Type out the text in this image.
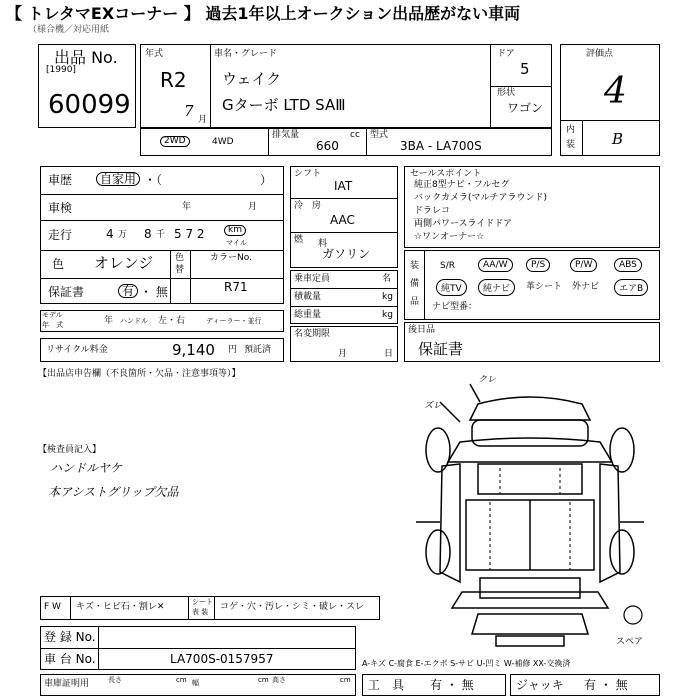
【 トレタマEXコーナー 】 過去1年以上オークション出品歴がない車両
（様合機／対応用紙
出品 No.
[1990]
60099
年式
R2
7 月
車名・グレード
ウェイク
Gターボ LTD SAⅢ
ドア
5
形状
ワゴン
評価点
4
内
装 B
2WD	4WD
排気量	cc
660
型式
3BA - LA700S
車歴	自家用 ・（	）
車検	年	月
走行	4 万 8 千 5 7 2	km
マイル
色 オレンジ 色
替
カラーNo.
R71
保証書	有 ・ 無
モデル
年　式	年 ハンドル 左・右	ディーラー・並行
リサイクル料金	9,140 円 預託済
シフト
IAT
冷　房
AAC
燃 料
ガソリン
乗車定員	名
積載量	kg
総重量	kg
名変期限
月	日
セールスポイント
純正8型ナビ・フルセグ
バックカメラ(マルチアラウンド)
ドラレコ
両側パワースライドドア
☆ワンオーナー☆
装
備
品
S/R	AA/W	P/S	P/W	ABS
純TV	純ナビ	革シート 外ナビ	エアB
ナビ型番：
後日品
保証書
【出品店申告欄（不良箇所・欠品・注意事項等）】
【検査員記入】
ハンドルヤケ
本アシストグリップ欠品
クレ
ズレ
スペア
F W キズ・ヒビ石・割レ✕	シート
表 装 コゲ・穴・汚レ・シミ・破レ・スレ
登 録 No.
車 台 No.	LA700S-0157957
車庫証明用	長さ	cm 幅	cm 高さ	cm
A-キズ C-腐食 E-エクボ S-サビ U-凹ミ W-補修 XX-交換済
工　具 有 ・ 無	ジャッキ 有 ・ 無
